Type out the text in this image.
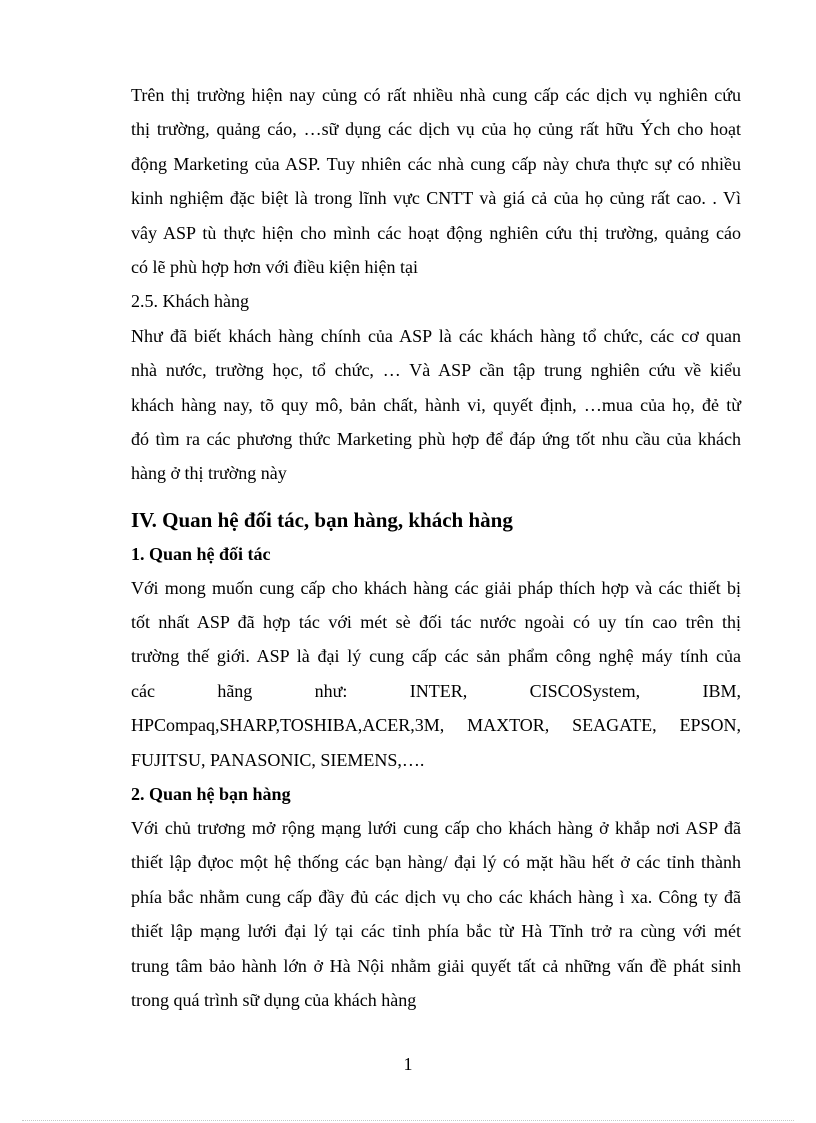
Trên thị trường hiện nay củng có rất nhiều nhà cung cấp các dịch vụ nghiên cứu
thị trường, quảng cáo, …sữ dụng các dịch vụ của họ củng rất hữu Ých cho hoạt
động Marketing của ASP. Tuy nhiên các nhà cung cấp này chưa thực sự có nhiều
kinh nghiệm đặc biệt là trong lĩnh vực CNTT và giá cả của họ củng rất cao. . Vì
vây ASP tù thực hiện cho mình các hoạt động nghiên cứu thị trường, quảng cáo
có lẽ phù hợp hơn với điều kiện hiện tại
2.5. Khách hàng
Như đã biết khách hàng chính của ASP là các khách hàng tổ chức, các cơ quan
nhà nước, trường học, tổ chức, … Và ASP cần tập trung nghiên cứu về kiểu
khách hàng nay, tõ quy mô, bản chất, hành vi, quyết định, …mua của họ, đẻ từ
đó tìm ra các phương thức Marketing phù hợp để đáp ứng tốt nhu cầu của khách
hàng ở thị trường này
IV. Quan hệ đối tác, bạn hàng, khách hàng
1. Quan hệ đối tác
Với mong muốn cung cấp cho khách hàng các giải pháp thích hợp và các thiết bị
tốt nhất ASP đã hợp tác với mét sè đối tác nước ngoài có uy tín cao trên thị
trường thế giới. ASP là đại lý cung cấp các sản phẩm công nghệ máy tính của
các hãng như: INTER, CISCOSystem, IBM,
HPCompaq,SHARP,TOSHIBA,ACER,3M, MAXTOR, SEAGATE, EPSON,
FUJITSU, PANASONIC, SIEMENS,….
2. Quan hệ bạn hàng
Với chủ trương mở rộng mạng lưới cung cấp cho khách hàng ở khắp nơi ASP đã
thiết lập đựoc một hệ thống các bạn hàng/ đại lý có mặt hầu hết ở các tỉnh thành
phía bắc nhằm cung cấp đầy đủ các dịch vụ cho các khách hàng ì xa. Công ty đã
thiết lập mạng lưới đại lý tại các tỉnh phía bắc từ Hà Tĩnh trở ra cùng với mét
trung tâm bảo hành lớn ở Hà Nội nhằm giải quyết tất cả những vấn đề phát sinh
trong quá trình sữ dụng của khách hàng
1
